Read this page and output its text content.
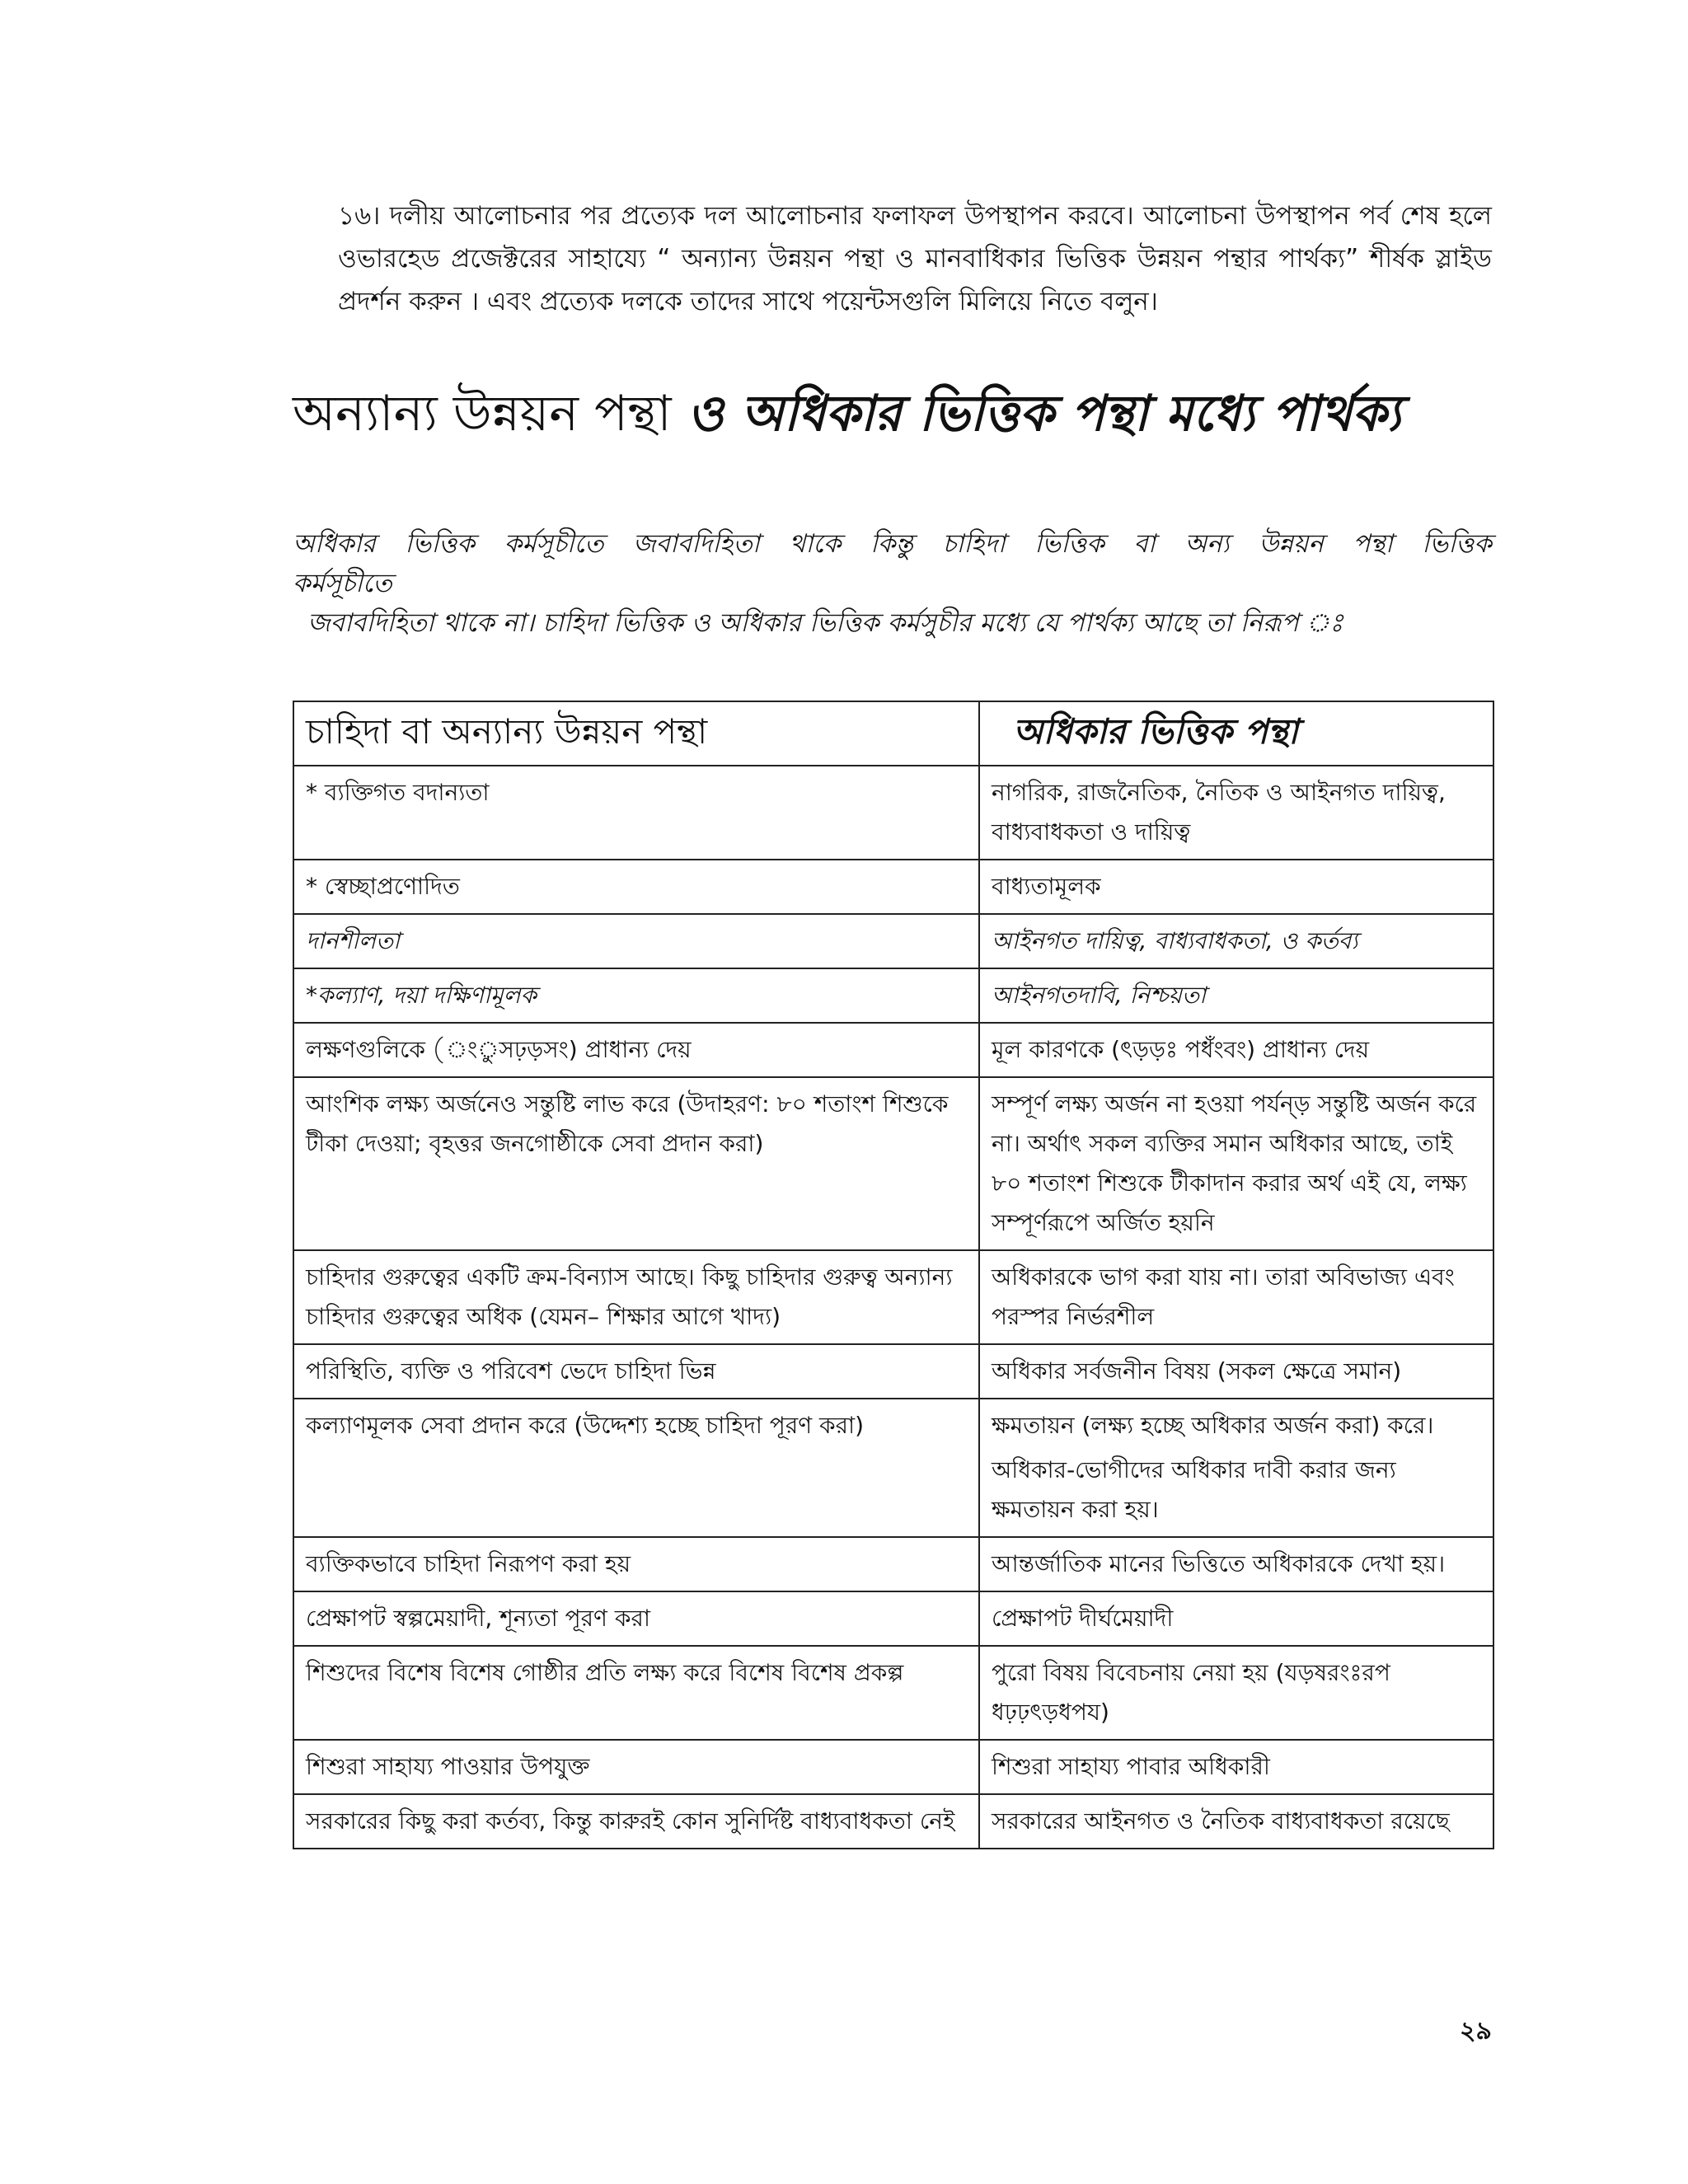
১৬। দলীয় আলোচনার পর প্রত্যেক দল আলোচনার ফলাফল উপস্থাপন করবে। আলোচনা উপস্থাপন পর্ব শেষ হলে ওভারহেড প্রজেক্টরের সাহায্যে “ অন্যান্য উন্নয়ন পন্থা ও মানবাধিকার ভিত্তিক উন্নয়ন পন্থার পার্থক্য” শীর্ষক স্লাইড প্রদর্শন করুন । এবং প্রত্যেক দলকে তাদের সাথে পয়েন্টসগুলি মিলিয়ে নিতে বলুন।

অন্যান্য উন্নয়ন পন্থা ও অধিকার ভিত্তিক পন্থা মধ্যে পার্থক্য

অধিকার ভিত্তিক কর্মসূচীতে জবাবদিহিতা থাকে কিন্তু চাহিদা ভিত্তিক বা অন্য উন্নয়ন পন্থা ভিত্তিক

কর্মসূচীতে

জবাবদিহিতা থাকে না। চাহিদা ভিত্তিক ও অধিকার ভিত্তিক কর্মসুচীর মধ্যে যে পার্থক্য আছে তা নিরূপ ঃ

চাহিদা বা অন্যান্য উন্নয়ন পন্থা	অধিকার ভিত্তিক পন্থা
* ব্যক্তিগত বদান্যতা	নাগরিক, রাজনৈতিক, নৈতিক ও আইনগত দায়িত্ব, বাধ্যবাধকতা ও দায়িত্ব
* স্বেচ্ছাপ্রণোদিত	বাধ্যতামূলক
দানশীলতা	আইনগত দায়িত্ব, বাধ্যবাধকতা, ও কর্তব্য
*কল্যাণ, দয়া দক্ষিণামূলক	আইনগতদাবি, নিশ্চয়তা
লক্ষণগুলিকে (ংুসঢ়ড়সং) প্রাধান্য দেয়	মূল কারণকে (ৎড়ড়ঃ পধঁংবং) প্রাধান্য দেয়
আংশিক লক্ষ্য অর্জনেও সন্তুষ্টি লাভ করে (উদাহরণ: ৮০ শতাংশ শিশুকে টীকা দেওয়া; বৃহত্তর জনগোষ্ঠীকে সেবা প্রদান করা)	সম্পূর্ণ লক্ষ্য অর্জন না হওয়া পর্যন্ড় সন্তুষ্টি অর্জন করে না। অর্থাৎ সকল ব্যক্তির সমান অধিকার আছে, তাই ৮০ শতাংশ শিশুকে টীকাদান করার অর্থ এই যে, লক্ষ্য সম্পূর্ণরূপে অর্জিত হয়নি
চাহিদার গুরুত্বের একটি ক্রম-বিন্যাস আছে। কিছু চাহিদার গুরুত্ব অন্যান্য চাহিদার গুরুত্বের অধিক (যেমন– শিক্ষার আগে খাদ্য)	অধিকারকে ভাগ করা যায় না। তারা অবিভাজ্য এবং পরস্পর নির্ভরশীল
পরিস্থিতি, ব্যক্তি ও পরিবেশ ভেদে চাহিদা ভিন্ন	অধিকার সর্বজনীন বিষয় (সকল ক্ষেত্রে সমান)
কল্যাণমূলক সেবা প্রদান করে (উদ্দেশ্য হচ্ছে চাহিদা পূরণ করা)	ক্ষমতায়ন (লক্ষ্য হচ্ছে অধিকার অর্জন করা) করে।

অধিকার-ভোগীদের অধিকার দাবী করার জন্য ক্ষমতায়ন করা হয়।

ব্যক্তিকভাবে চাহিদা নিরূপণ করা হয়	আন্তর্জাতিক মানের ভিত্তিতে অধিকারকে দেখা হয়।
প্রেক্ষাপট স্বল্পমেয়াদী, শূন্যতা পূরণ করা	প্রেক্ষাপট দীর্ঘমেয়াদী
শিশুদের বিশেষ বিশেষ গোষ্ঠীর প্রতি লক্ষ্য করে বিশেষ বিশেষ প্রকল্প	পুরো বিষয় বিবেচনায় নেয়া হয় (যড়ষরংঃরপ ধঢ়ঢ়ৎড়ধপয)
শিশুরা সাহায্য পাওয়ার উপযুক্ত	শিশুরা সাহায্য পাবার অধিকারী
সরকারের কিছু করা কর্তব্য, কিন্তু কারুরই কোন সুনির্দিষ্ট বাধ্যবাধকতা নেই	সরকারের আইনগত ও নৈতিক বাধ্যবাধকতা রয়েছে
২৯
